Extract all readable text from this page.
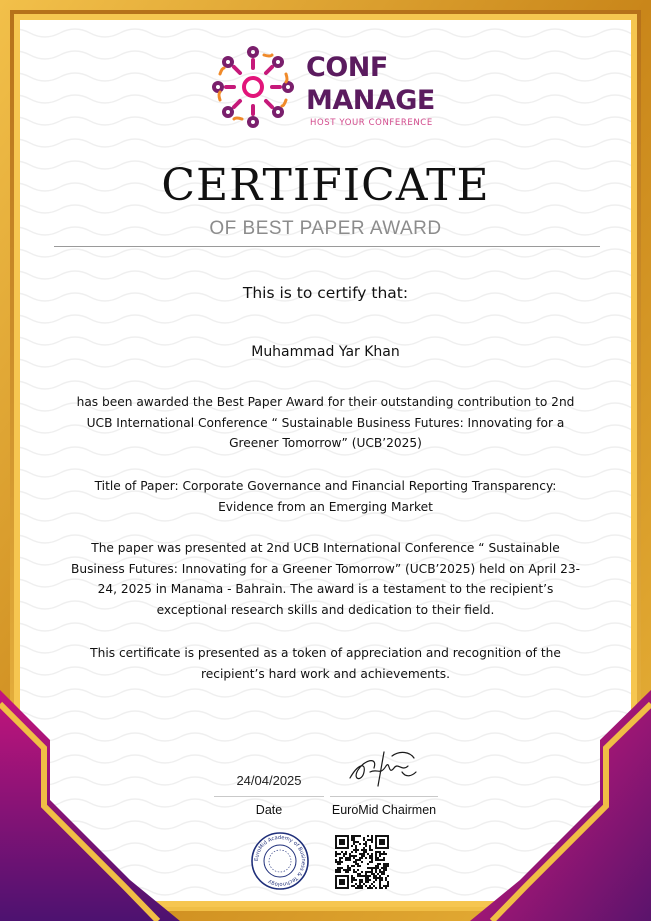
CONF
MANAGE
HOST YOUR CONFERENCE
CERTIFICATE
OF BEST PAPER AWARD
This is to certify that:
Muhammad Yar Khan
has been awarded the Best Paper Award for their outstanding contribution to 2nd UCB International Conference “ Sustainable Business Futures: Innovating for a Greener Tomorrow” (UCB’2025)
Title of Paper: Corporate Governance and Financial Reporting Transparency: Evidence from an Emerging Market
The paper was presented at 2nd UCB International Conference “ Sustainable Business Futures: Innovating for a Greener Tomorrow” (UCB’2025) held on April 23-24, 2025 in Manama - Bahrain. The award is a testament to the recipient’s exceptional research skills and dedication to their field.
This certificate is presented as a token of appreciation and recognition of the recipient’s hard work and achievements.
24/04/2025
Date	EuroMid Chairmen
EuroMid Academy of Business & Technology
